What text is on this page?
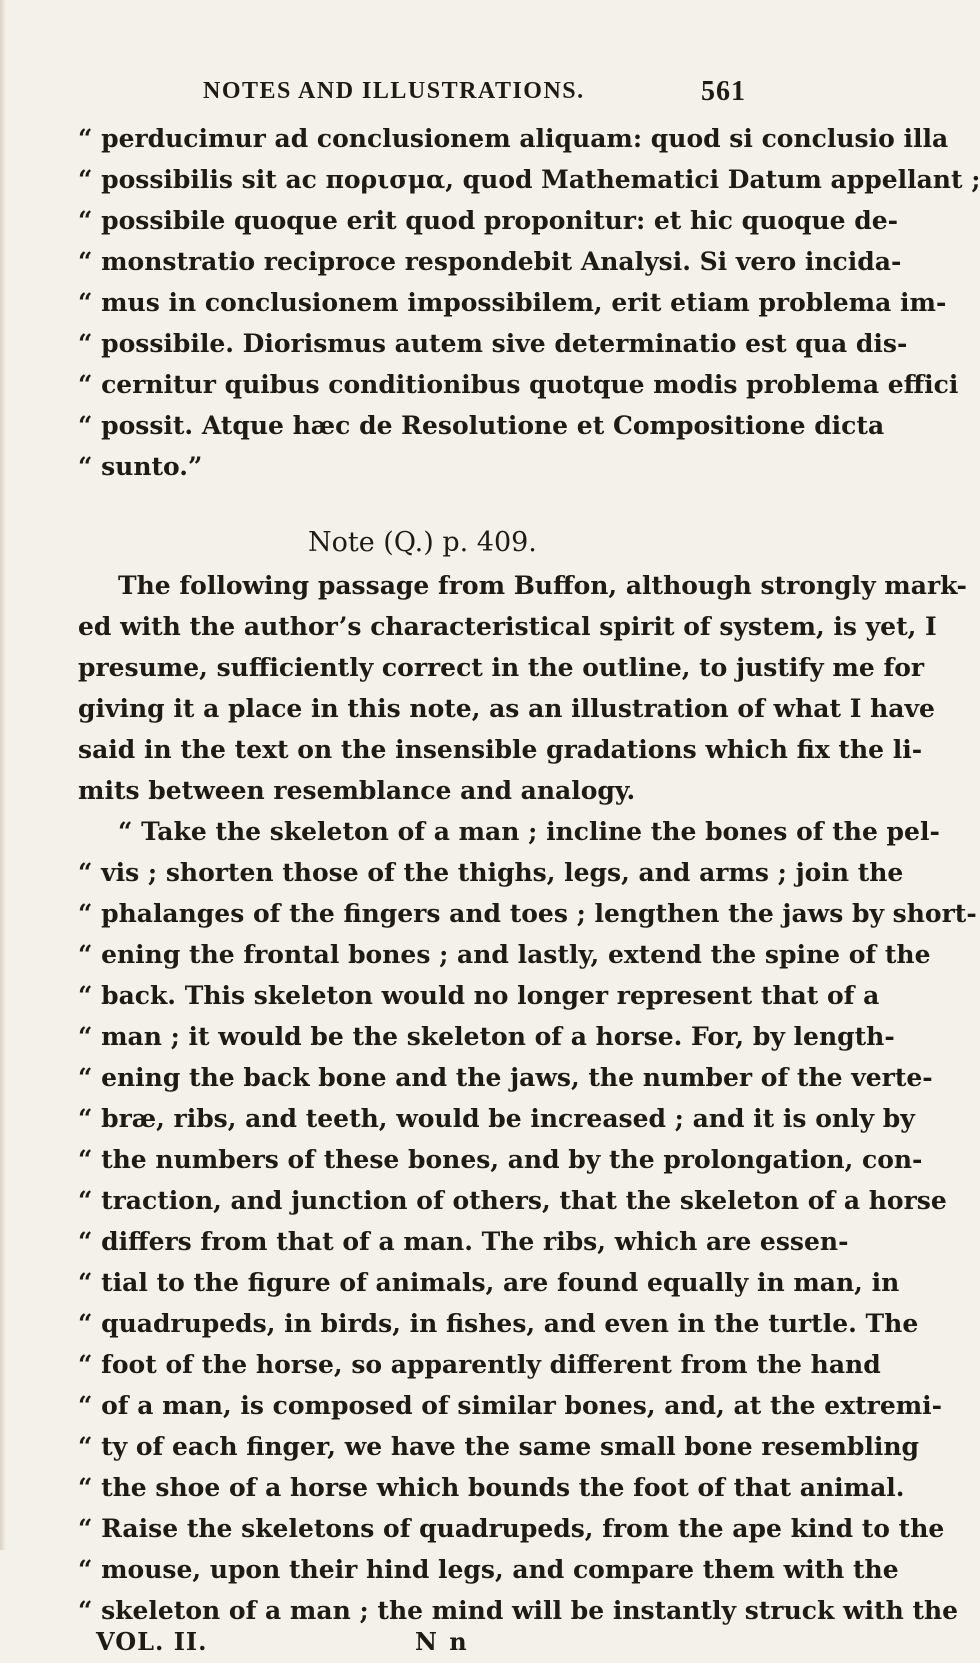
NOTES AND ILLUSTRATIONS.	561
“ perducimur ad conclusionem aliquam: quod si conclusio illa
“ possibilis sit ac πορισμα, quod Mathematici Datum appellant ;
“ possibile quoque erit quod proponitur: et hic quoque de-
“ monstratio reciproce respondebit Analysi. Si vero incida-
“ mus in conclusionem impossibilem, erit etiam problema im-
“ possibile. Diorismus autem sive determinatio est qua dis-
“ cernitur quibus conditionibus quotque modis problema effici
“ possit. Atque hæc de Resolutione et Compositione dicta
“ sunto.”
Note (Q.) p. 409.
The following passage from Buffon, although strongly mark-
ed with the author’s characteristical spirit of system, is yet, I
presume, sufficiently correct in the outline, to justify me for
giving it a place in this note, as an illustration of what I have
said in the text on the insensible gradations which fix the li-
mits between resemblance and analogy.
“ Take the skeleton of a man ; incline the bones of the pel-
“ vis ; shorten those of the thighs, legs, and arms ; join the
“ phalanges of the fingers and toes ; lengthen the jaws by short-
“ ening the frontal bones ; and lastly, extend the spine of the
“ back. This skeleton would no longer represent that of a
“ man ; it would be the skeleton of a horse. For, by length-
“ ening the back bone and the jaws, the number of the verte-
“ bræ, ribs, and teeth, would be increased ; and it is only by
“ the numbers of these bones, and by the prolongation, con-
“ traction, and junction of others, that the skeleton of a horse
“ differs from that of a man. The ribs, which are essen-
“ tial to the figure of animals, are found equally in man, in
“ quadrupeds, in birds, in fishes, and even in the turtle. The
“ foot of the horse, so apparently different from the hand
“ of a man, is composed of similar bones, and, at the extremi-
“ ty of each finger, we have the same small bone resembling
“ the shoe of a horse which bounds the foot of that animal.
“ Raise the skeletons of quadrupeds, from the ape kind to the
“ mouse, upon their hind legs, and compare them with the
“ skeleton of a man ; the mind will be instantly struck with the
VOL. II.	N n
